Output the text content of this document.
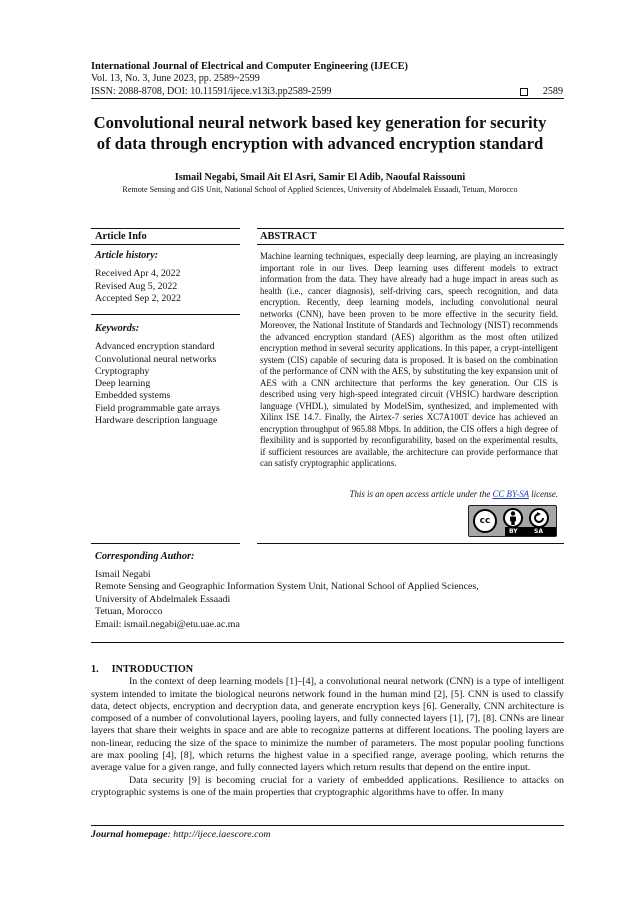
International Journal of Electrical and Computer Engineering (IJECE)
Vol. 13, No. 3, June 2023, pp. 2589~2599
ISSN: 2088-8708, DOI: 10.11591/ijece.v13i3.pp2589-2599	2589
Convolutional neural network based key generation for security
of data through encryption with advanced encryption standard
Ismail Negabi, Smail Ait El Asri, Samir El Adib, Naoufal Raissouni
Remote Sensing and GIS Unit, National School of Applied Sciences, University of Abdelmalek Essaadi, Tetuan, Morocco
Article Info	ABSTRACT
Article history:
Received Apr 4, 2022
Revised Aug 5, 2022
Accepted Sep 2, 2022
Keywords:
Advanced encryption standard
Convolutional neural networks
Cryptography
Deep learning
Embedded systems
Field programmable gate arrays
Hardware description language
Machine learning techniques, especially deep learning, are playing an increasingly important role in our lives. Deep learning uses different models to extract information from the data. They have already had a huge impact in areas such as health (i.e., cancer diagnosis), self-driving cars, speech recognition, and data encryption. Recently, deep learning models, including convolutional neural networks (CNN), have been proven to be more effective in the security field. Moreover, the National Institute of Standards and Technology (NIST) recommends the advanced encryption standard (AES) algorithm as the most often utilized encryption method in several security applications. In this paper, a crypt-intelligent system (CIS) capable of securing data is proposed. It is based on the combination of the performance of CNN with the AES, by substituting the key expansion unit of AES with a CNN architecture that performs the key generation. Our CIS is described using very high-speed integrated circuit (VHSIC) hardware description language (VHDL), simulated by ModelSim, synthesized, and implemented with Xilinx ISE 14.7. Finally, the Airtex-7 series XC7A100T device has achieved an encryption throughput of 965.88 Mbps. In addition, the CIS offers a high degree of flexibility and is supported by reconfigurability, based on the experimental results, if sufficient resources are available, the architecture can provide performance that can satisfy cryptographic applications.
This is an open access article under the CC BY-SA license.
cc
BY	SA
Corresponding Author:
Ismail Negabi
Remote Sensing and Geographic Information System Unit, National School of Applied Sciences,
University of Abdelmalek Essaadi
Tetuan, Morocco
Email: ismail.negabi@etu.uae.ac.ma
1. INTRODUCTION

In the context of deep learning models [1]–[4], a convolutional neural network (CNN) is a type of intelligent system intended to imitate the biological neurons network found in the human mind [2], [5]. CNN is used to classify data, detect objects, encryption and decryption data, and generate encryption keys [6]. Generally, CNN architecture is composed of a number of convolutional layers, pooling layers, and fully connected layers [1], [7], [8]. CNNs are linear layers that share their weights in space and are able to recognize patterns at different locations. The pooling layers are non-linear, reducing the size of the space to minimize the number of parameters. The most popular pooling functions are max pooling [4], [8], which returns the highest value in a specified range, average pooling, which returns the average value for a given range, and fully connected layers which return results that depend on the entire input.

Data security [9] is becoming crucial for a variety of embedded applications. Resilience to attacks on cryptographic systems is one of the main properties that cryptographic algorithms have to offer. In many

Journal homepage: http://ijece.iaescore.com
